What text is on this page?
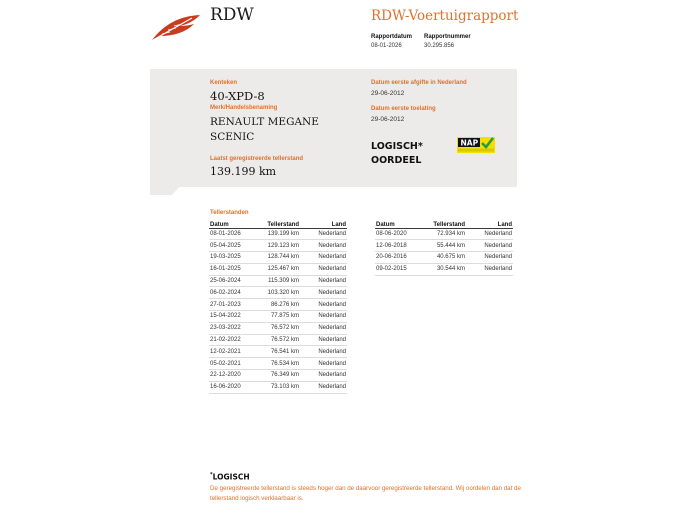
RDW	RDW-Voertuigrapport
Rapportdatum
08-01-2026
Rapportnummer
30.295.856
Kenteken
40-XPD-8
Merk/Handelsbenaming
RENAULT MEGANE
SCENIC
Laatst geregistreerde tellerstand
139.199 km
Datum eerste afgifte in Nederland
29-06-2012
Datum eerste toelating
29-06-2012
LOGISCH*
OORDEEL
NAP
Tellerstanden
Datum	Tellerstand	Land
08-01-2026	139.199 km	Nederland
05-04-2025	129.123 km	Nederland
19-03-2025	128.744 km	Nederland
16-01-2025	125.467 km	Nederland
25-06-2024	115.309 km	Nederland
06-02-2024	103.320 km	Nederland
27-01-2023	86.276 km	Nederland
15-04-2022	77.875 km	Nederland
23-03-2022	76.572 km	Nederland
21-02-2022	76.572 km	Nederland
12-02-2021	76.541 km	Nederland
05-02-2021	76.534 km	Nederland
22-12-2020	76.349 km	Nederland
16-06-2020	73.103 km	Nederland
Datum	Tellerstand	Land
08-06-2020	72.934 km	Nederland
12-06-2018	55.444 km	Nederland
20-06-2016	40.675 km	Nederland
09-02-2015	30.544 km	Nederland
*LOGISCH
De geregistreerde tellerstand is steeds hoger dan de daarvoor geregistreerde tellerstand. Wij oordelen dan dat de tellerstand logisch verklaarbaar is.
